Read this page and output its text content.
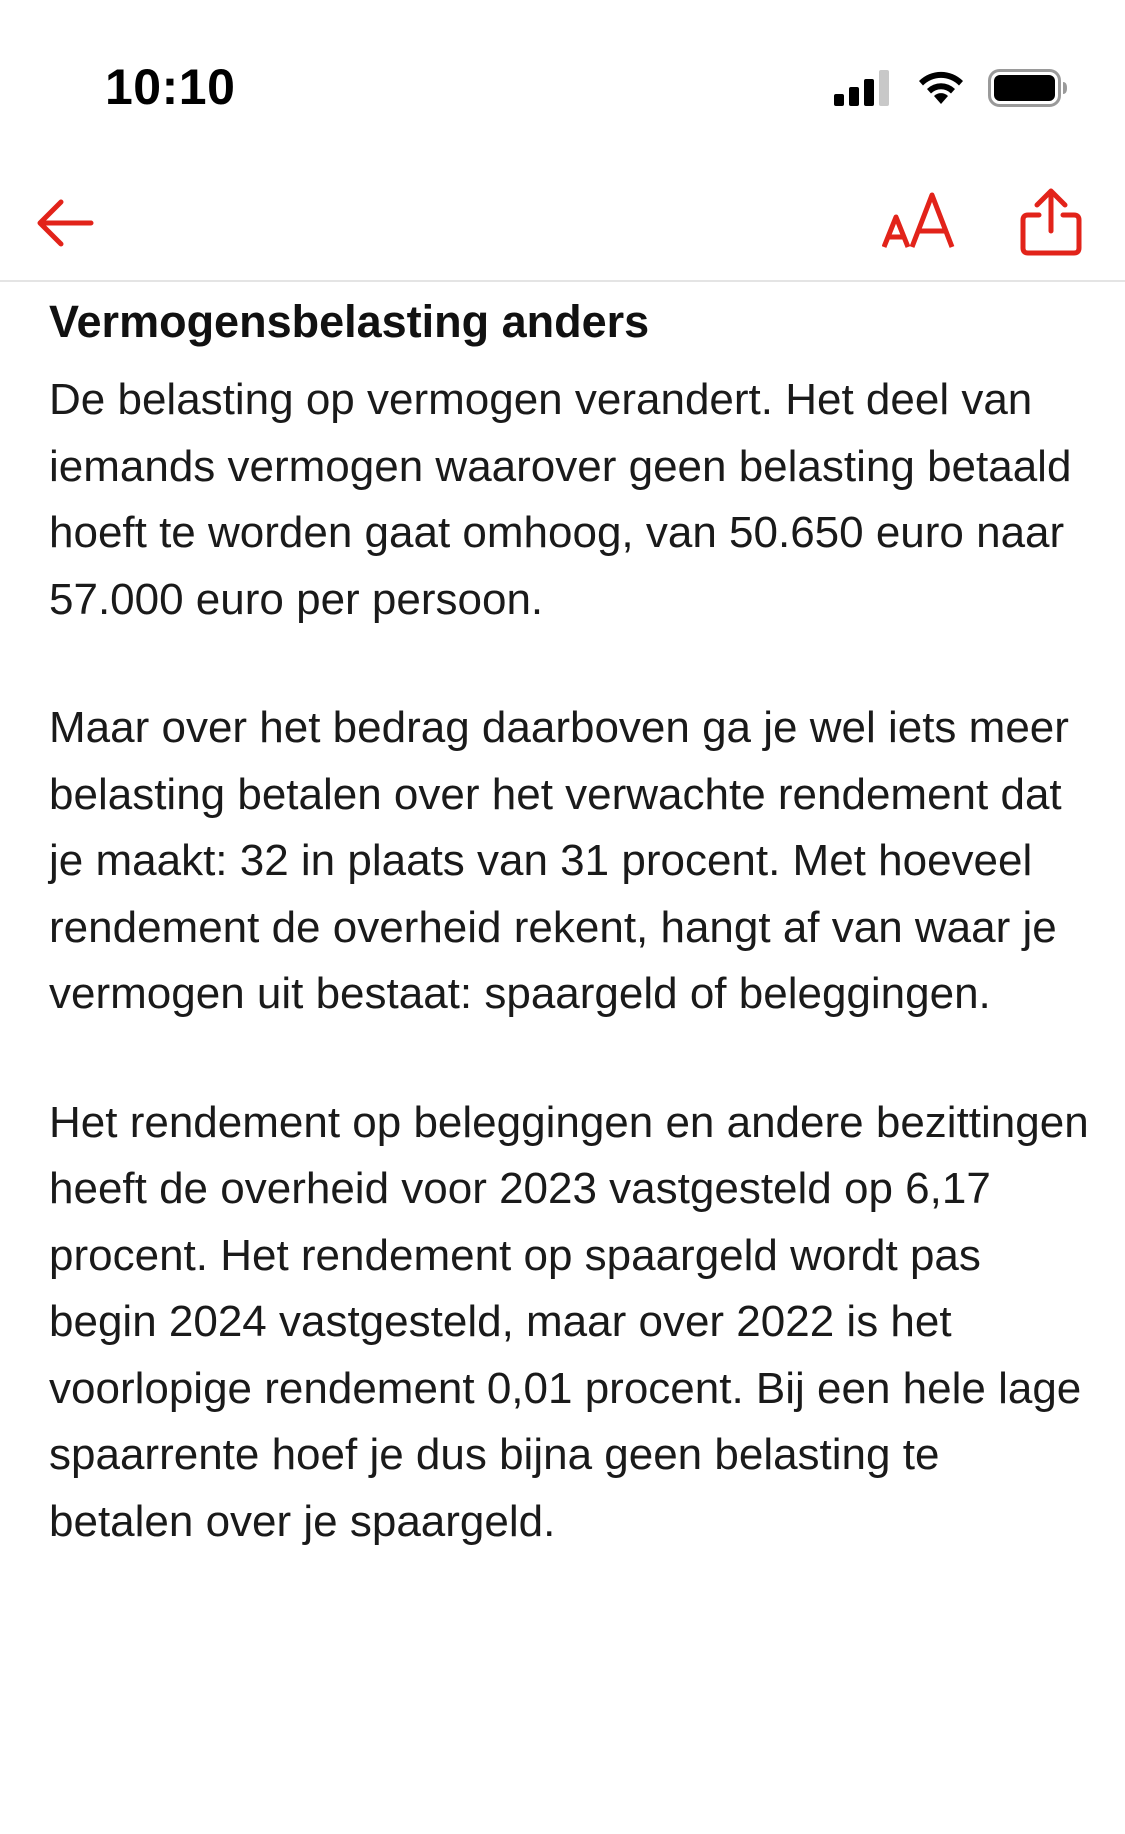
10:10
Vermogensbelasting anders

De belasting op vermogen verandert. Het deel van iemands vermogen waarover geen belasting betaald hoeft te worden gaat omhoog, van 50.650 euro naar 57.000 euro per persoon.

Maar over het bedrag daarboven ga je wel iets meer belasting betalen over het verwachte rendement dat je maakt: 32 in plaats van 31 procent. Met hoeveel rendement de overheid rekent, hangt af van waar je vermogen uit bestaat: spaargeld of beleggingen.

Het rendement op beleggingen en andere bezittingen heeft de overheid voor 2023 vastgesteld op 6,17 procent. Het rendement op spaargeld wordt pas begin 2024 vastgesteld, maar over 2022 is het voorlopige rendement 0,01 procent. Bij een hele lage spaarrente hoef je dus bijna geen belasting te betalen over je spaargeld.
